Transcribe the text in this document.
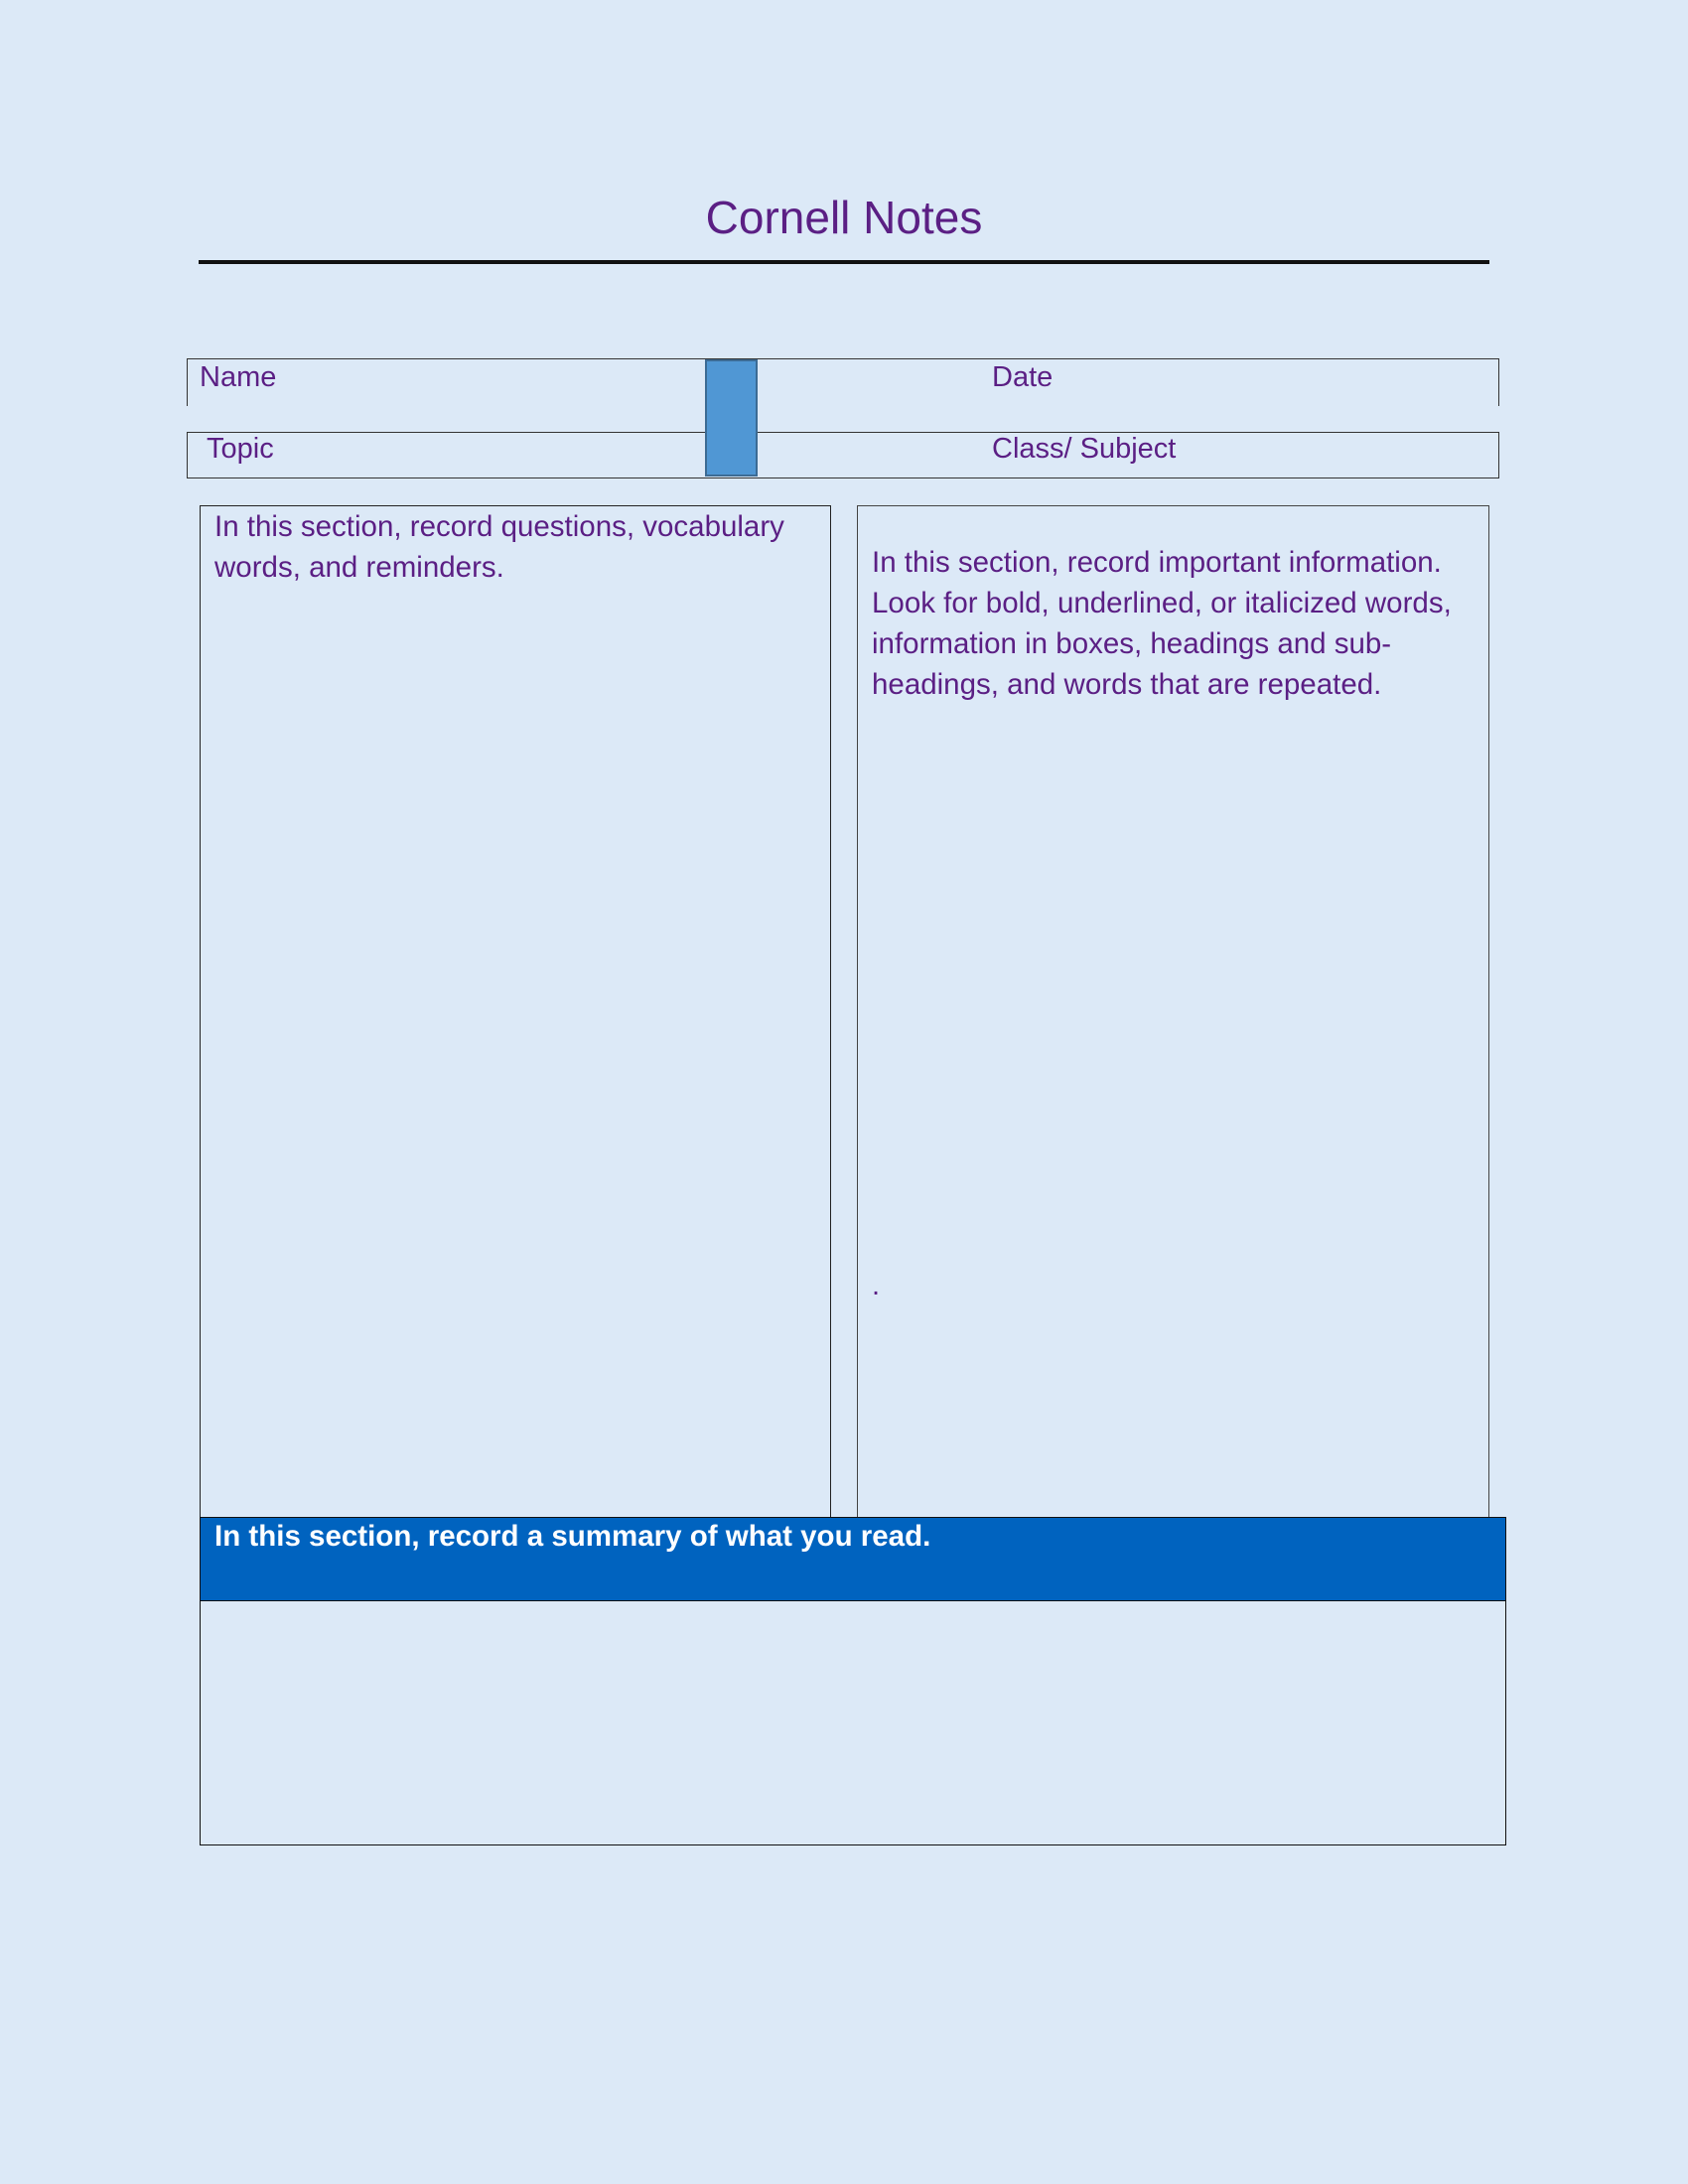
Cornell Notes
Name	Date
Topic	Class/ Subject
In this section, record questions, vocabulary words, and reminders.	In this section, record important information. Look for bold, underlined, or italicized words, information in boxes, headings and sub-headings, and words that are repeated.
.
In this section, record a summary of what you read.
